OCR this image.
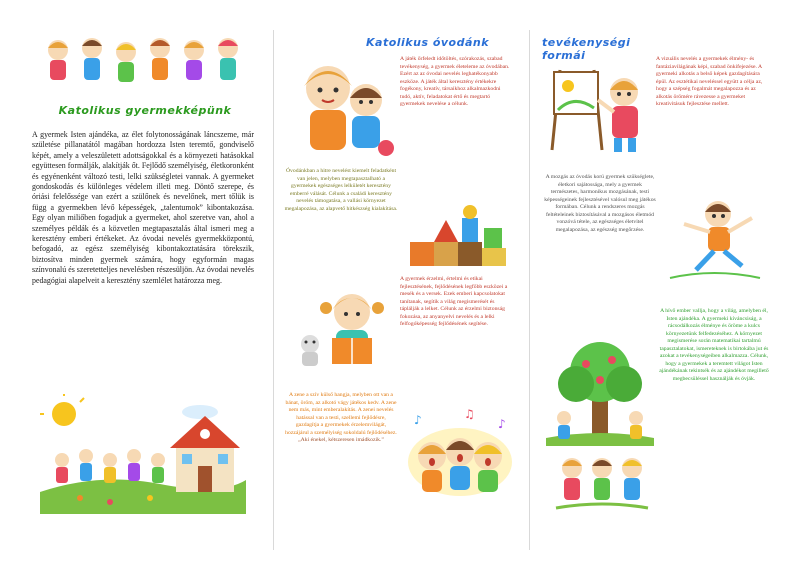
Katolikus gyermekképünk
A gyermek Isten ajándéka, az élet folytonosságának láncszeme, már születése pillanatától magában hordozza Isten teremtő, gondviselő képét, amely a veleszületett adottságokkal és a környezeti hatásokkal együttesen formálják, alakítják őt. Fejlődő személyiség, életkoronként és egyénenként változó testi, lelki szükségletei vannak. A gyermeket gondoskodás és különleges védelem illeti meg. Döntő szerepe, és óriási felelőssége van ezért a szülőnek és nevelőnek, mert tőlük is függ a gyermekben lévő képességek, „talentumok” kibontakozása. Egy olyan miliőben fogadjuk a gyermeket, ahol szeretve van, ahol a személyes példák és a közvetlen megtapasztalás által ismeri meg a keresztény emberi értékeket. Az óvodai nevelés gyermekközpontú, befogadó, az egész személyiség kibontakoztatására törekszik, biztosítva minden gyermek számára, hogy egyformán magas színvonalú és szeretetteljes nevelésben részesüljön. Az óvodai nevelés pedagógiai alapelveit a keresztény szemlélet határozza meg.
Katolikus óvodánk
A játék őrfeledt időtöltés, szórakozás, szabad tevékenység, a gyermek életeleme az óvodában. Ezért az az óvodai nevelés leghatékonyabb eszköze. A játék által keresztény értékekre fogékony, kreatív, társaikhoz alkalmazkodni tudó, aktív, feladatokat értő és megtartó gyermekek nevelése a célunk.
Óvodánkban a hitre nevelést kiemelt feladatként van jelen, melyben megtapasztalható a gyermekek egészséges lelkületét keresztény emberré válását. Célunk a családi keresztény nevelés támogatása, a vallási környezet megalapozása, az alapvető hitkészség kialakítása.
A gyermek érzelmi, értelmi és etikai fejlesztésének, fejlődésének legfőbb eszközei a mesék és a versek. Ezek emberi kapcsolatokat tanítanak, segítik a világ megismerését és táplálják a lelket. Célunk az érzelmi biztonság fokozása, az anyanyelvi nevelés és a lelki felfogóképesség fejlődésének segítése.
A zene a szív külső hangja, melyben ott van a bánat, öröm, az alkotó vágy játékos kedv. A zene nem más, mint emberalakítás. A zenei nevelés hatással van a testi, szellemi fejlődésre, gazdagítja a gyermekek érzelemvilágát, hozzájárul a személyiség sokoldalú fejlődéséhez. „Aki énekel, kétszeresen imádkozik.”
♪	♫
♪
tevékenységi formái	A vizuális nevelés a gyermekek élmény- és fantáziavilágának képi, szabad önkifejezése. A gyermeki alkotás a belső képek gazdagítására épül. Az esztétikai neveléssel együtt a célja az, hogy a szépség fogalmát megalapozza és az alkotás örömére rávezesse a gyermeket kreativitásuk fejlesztése mellett.
A mozgás az óvodás korú gyermek szükséglete, életkori sajátossága, mely a gyermek természetes, harmonikus mozgásának, testi képességeinek fejlesztésével valósul meg játékos formában. Célunk a rendszeres mozgás feltételeinek biztosításával a mozgásos életmód vonzóvá tétele, az egészséges életvitel megalapozása, az egészség megőrzése.
A hívő ember vallja, hogy a világ, amelyben él, Isten ajándéka. A gyermeki kíváncsiság, a rácsodálkozás élménye és öröme a kulcs környezetünk felfedezéséhez. A környezet megismerése során matematikai tartalmú tapasztalatokat, ismereteknek is birtokába jut és azokat a tevékenységeiben alkalmazza. Célunk, hogy a gyermekek a teremtett világot Isten ajándékának tekintsék és az ajándékot megillető megbecsüléssel használják és óvják.
